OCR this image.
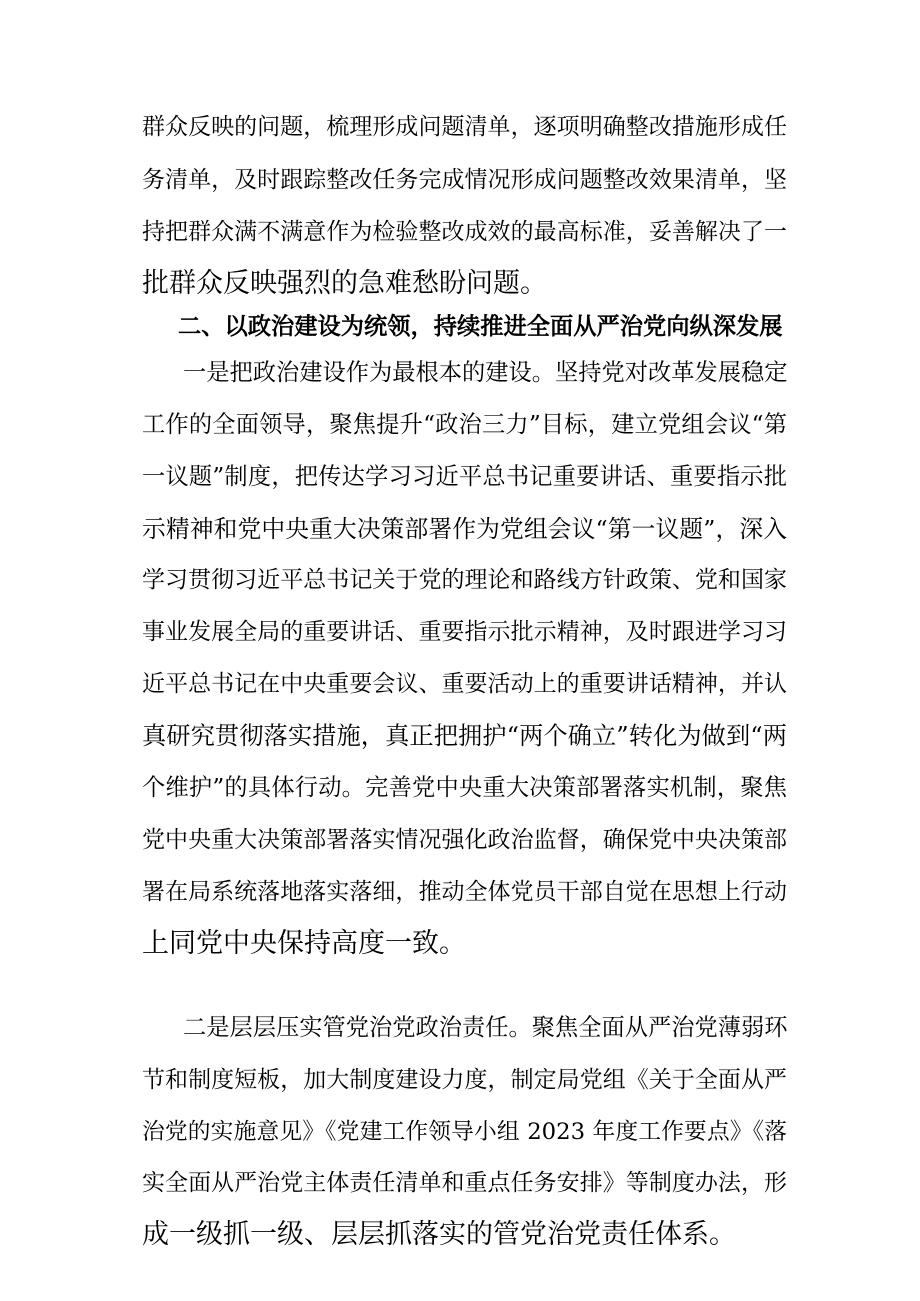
群众反映的问题，梳理形成问题清单，逐项明确整改措施形成任
务清单，及时跟踪整改任务完成情况形成问题整改效果清单，坚
持把群众满不满意作为检验整改成效的最高标准，妥善解决了一
批群众反映强烈的急难愁盼问题。
二、以政治建设为统领，持续推进全面从严治党向纵深发展
一是把政治建设作为最根本的建设。坚持党对改革发展稳定
工作的全面领导，聚焦提升“政治三力”目标，建立党组会议“第
一议题”制度，把传达学习习近平总书记重要讲话、重要指示批
示精神和党中央重大决策部署作为党组会议“第一议题”，深入
学习贯彻习近平总书记关于党的理论和路线方针政策、党和国家
事业发展全局的重要讲话、重要指示批示精神，及时跟进学习习
近平总书记在中央重要会议、重要活动上的重要讲话精神，并认
真研究贯彻落实措施，真正把拥护“两个确立”转化为做到“两
个维护”的具体行动。完善党中央重大决策部署落实机制，聚焦
党中央重大决策部署落实情况强化政治监督，确保党中央决策部
署在局系统落地落实落细，推动全体党员干部自觉在思想上行动
上同党中央保持高度一致。
二是层层压实管党治党政治责任。聚焦全面从严治党薄弱环
节和制度短板，加大制度建设力度，制定局党组《关于全面从严
治党的实施意见》《党建工作领导小组 2023 年度工作要点》《落
实全面从严治党主体责任清单和重点任务安排》等制度办法，形
成一级抓一级、层层抓落实的管党治党责任体系。
